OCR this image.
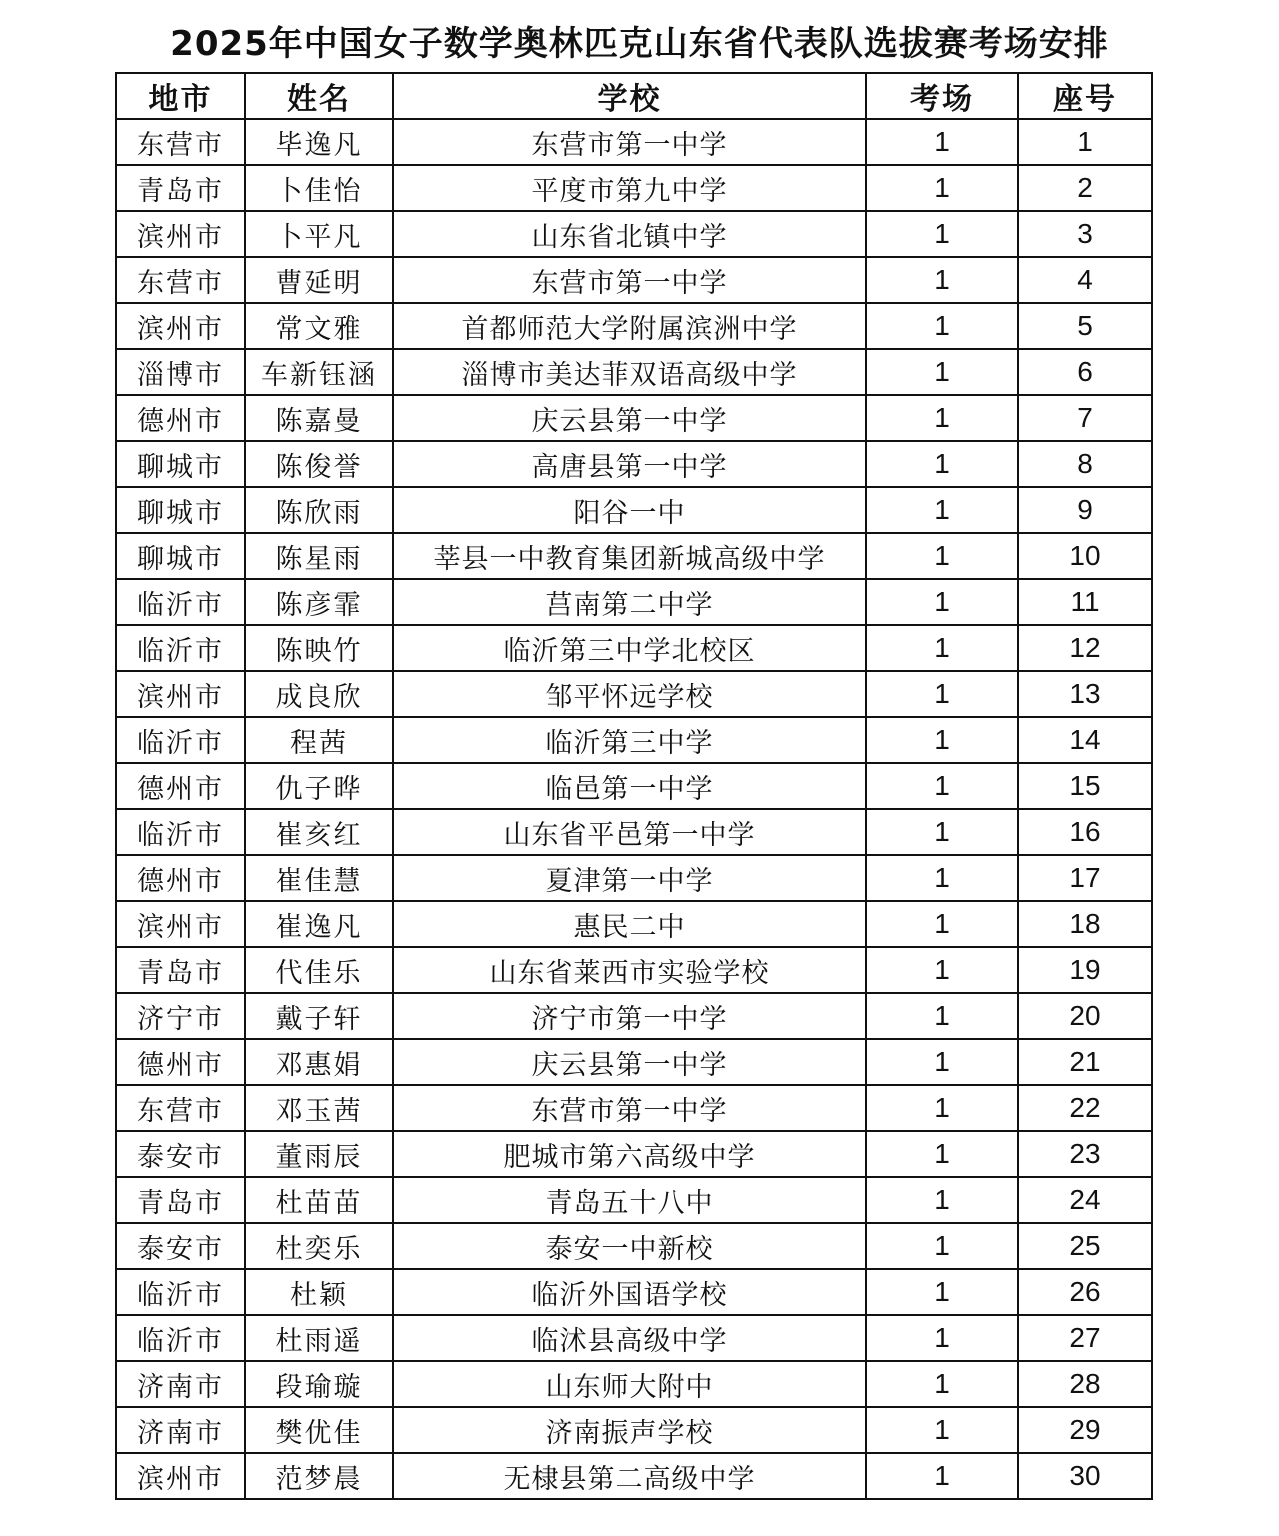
2025年中国女子数学奥林匹克山东省代表队选拔赛考场安排
地市	姓名	学校	考场	座号
东营市	毕逸凡	东营市第一中学	1	1
青岛市	卜佳怡	平度市第九中学	1	2
滨州市	卜平凡	山东省北镇中学	1	3
东营市	曹延明	东营市第一中学	1	4
滨州市	常文雅	首都师范大学附属滨洲中学	1	5
淄博市	车新钰涵	淄博市美达菲双语高级中学	1	6
德州市	陈嘉曼	庆云县第一中学	1	7
聊城市	陈俊誉	高唐县第一中学	1	8
聊城市	陈欣雨	阳谷一中	1	9
聊城市	陈星雨	莘县一中教育集团新城高级中学	1	10
临沂市	陈彦霏	莒南第二中学	1	11
临沂市	陈映竹	临沂第三中学北校区	1	12
滨州市	成良欣	邹平怀远学校	1	13
临沂市	程茜	临沂第三中学	1	14
德州市	仇子晔	临邑第一中学	1	15
临沂市	崔亥红	山东省平邑第一中学	1	16
德州市	崔佳慧	夏津第一中学	1	17
滨州市	崔逸凡	惠民二中	1	18
青岛市	代佳乐	山东省莱西市实验学校	1	19
济宁市	戴子轩	济宁市第一中学	1	20
德州市	邓惠娟	庆云县第一中学	1	21
东营市	邓玉茜	东营市第一中学	1	22
泰安市	董雨辰	肥城市第六高级中学	1	23
青岛市	杜苗苗	青岛五十八中	1	24
泰安市	杜奕乐	泰安一中新校	1	25
临沂市	杜颖	临沂外国语学校	1	26
临沂市	杜雨遥	临沭县高级中学	1	27
济南市	段瑜璇	山东师大附中	1	28
济南市	樊优佳	济南振声学校	1	29
滨州市	范梦晨	无棣县第二高级中学	1	30
